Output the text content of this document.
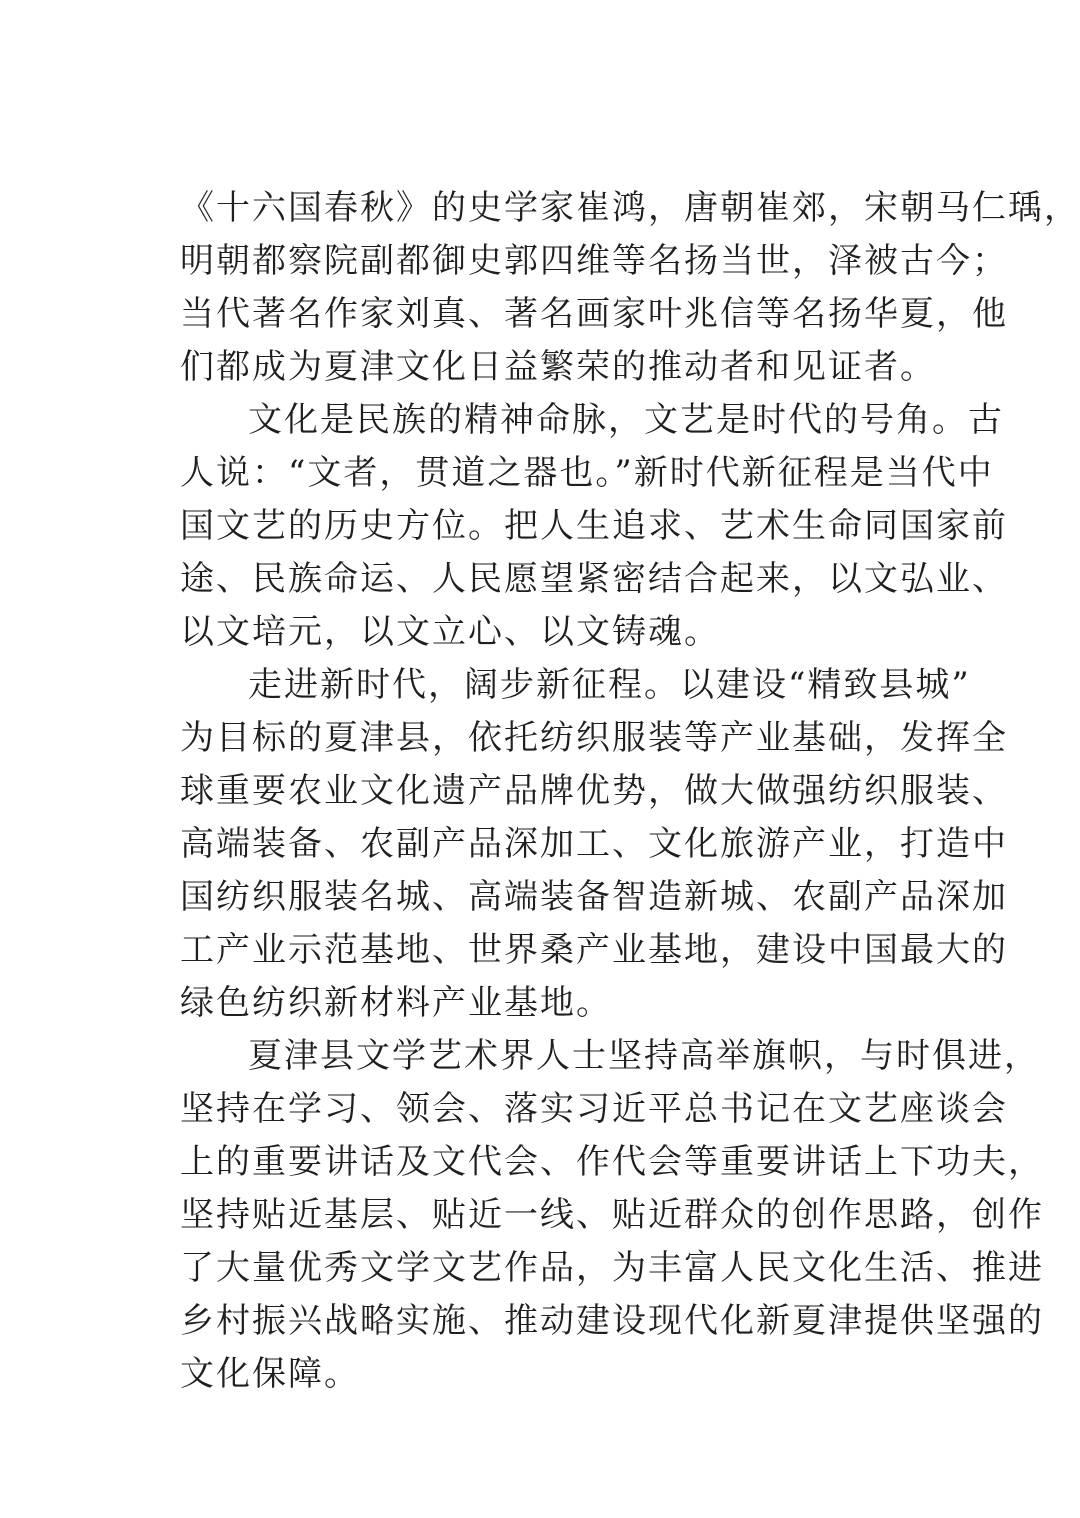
《十六国春秋》的史学家崔鸿，唐朝崔郊，宋朝马仁瑀，
明朝都察院副都御史郭四维等名扬当世，泽被古今；
当代著名作家刘真、著名画家叶兆信等名扬华夏，他
们都成为夏津文化日益繁荣的推动者和见证者。
文化是民族的精神命脉，文艺是时代的号角。古
人说：“文者，贯道之器也。”新时代新征程是当代中
国文艺的历史方位。把人生追求、艺术生命同国家前
途、民族命运、人民愿望紧密结合起来，以文弘业、
以文培元，以文立心、以文铸魂。
走进新时代，阔步新征程。以建设“精致县城”
为目标的夏津县，依托纺织服装等产业基础，发挥全
球重要农业文化遗产品牌优势，做大做强纺织服装、
高端装备、农副产品深加工、文化旅游产业，打造中
国纺织服装名城、高端装备智造新城、农副产品深加
工产业示范基地、世界桑产业基地，建设中国最大的
绿色纺织新材料产业基地。
夏津县文学艺术界人士坚持高举旗帜，与时俱进，
坚持在学习、领会、落实习近平总书记在文艺座谈会
上的重要讲话及文代会、作代会等重要讲话上下功夫，
坚持贴近基层、贴近一线、贴近群众的创作思路，创作
了大量优秀文学文艺作品，为丰富人民文化生活、推进
乡村振兴战略实施、推动建设现代化新夏津提供坚强的
文化保障。
